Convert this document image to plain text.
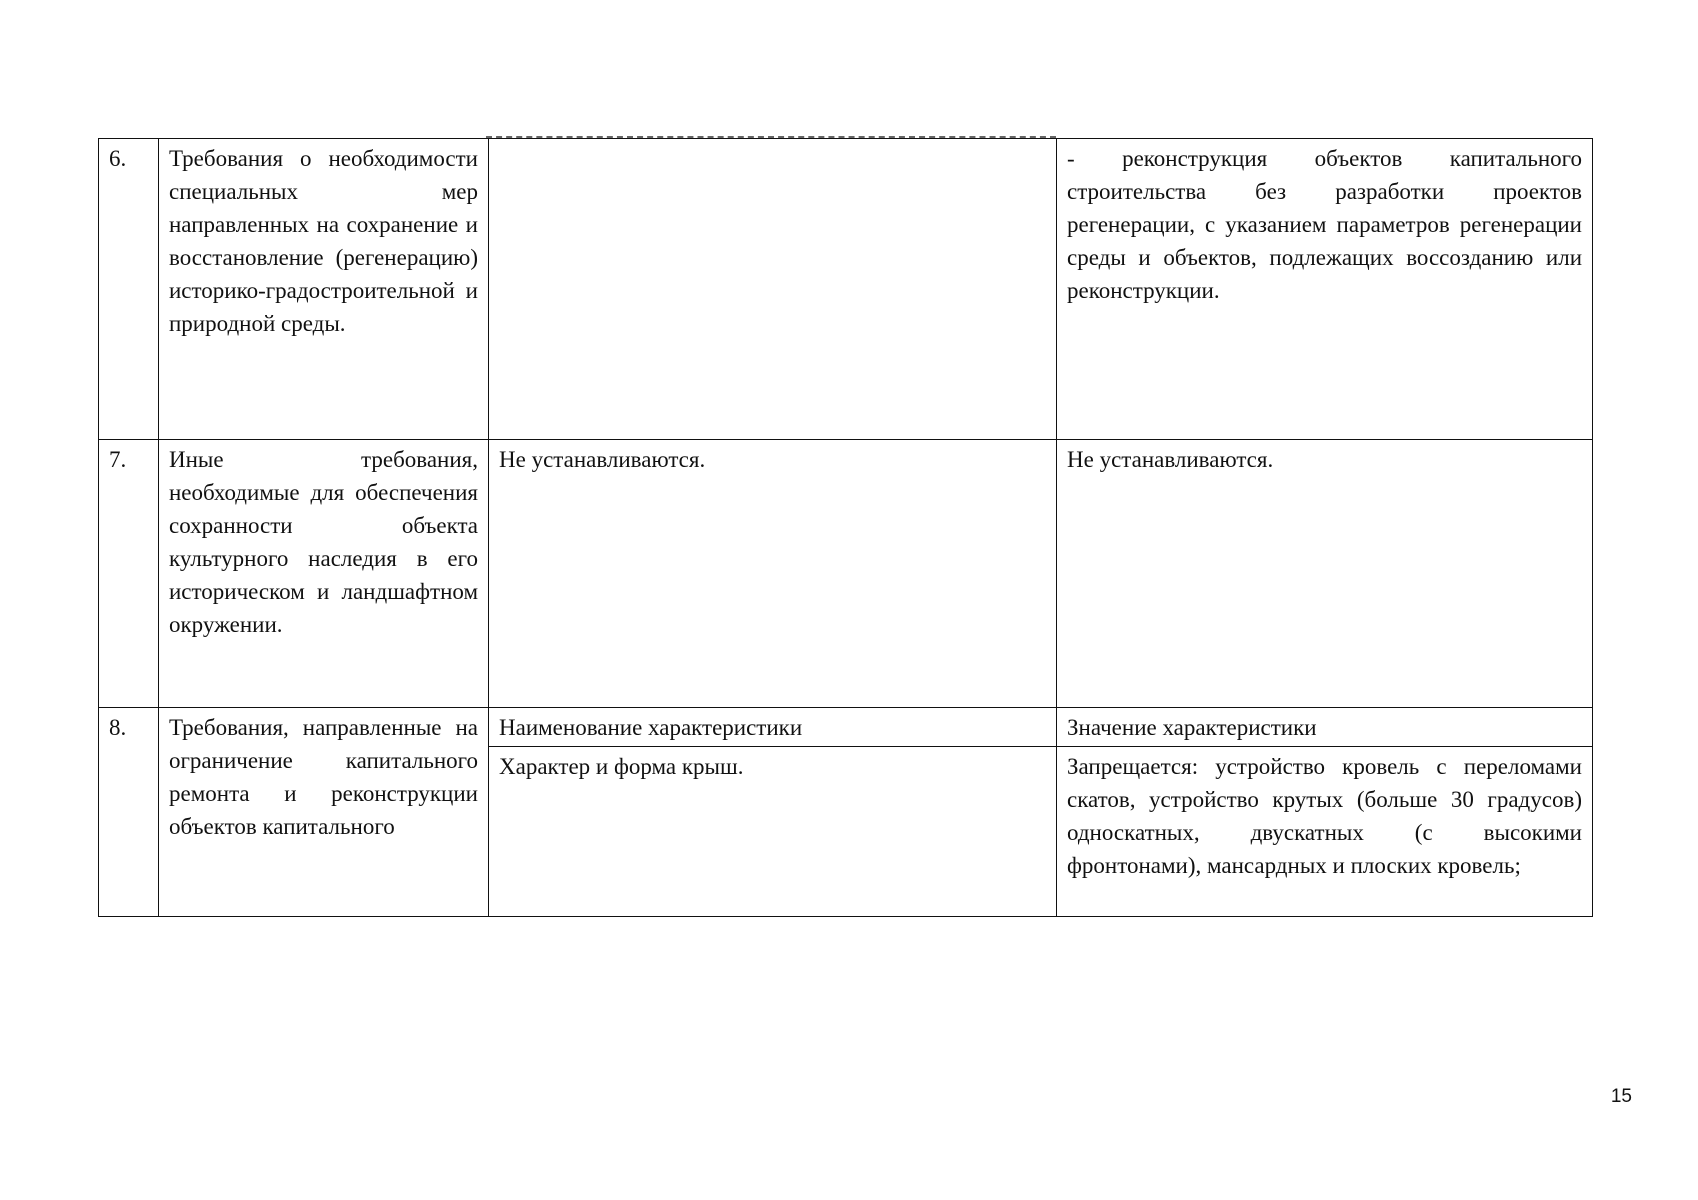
6.	Требования о необходимости специальных мер направленных на сохранение и восстановление (регенерацию) историко-градостроительной и природной среды.		- реконструкция объектов капитального строительства без разработки проектов регенерации, с указанием параметров регенерации среды и объектов, подлежащих воссозданию или реконструкции.
7.	Иные требования, необходимые для обеспечения сохранности объекта культурного наследия в его историческом и ландшафтном окружении.	Не устанавливаются.	Не устанавливаются.
8.	Требования, направленные на ограничение капитального ремонта и реконструкции объектов капитального	Наименование характеристики	Значение характеристики
		Характер и форма крыш.	Запрещается: устройство кровель с переломами скатов, устройство крутых (больше 30 градусов) односкатных, двускатных (с высокими фронтонами), мансардных и плоских кровель;
15
